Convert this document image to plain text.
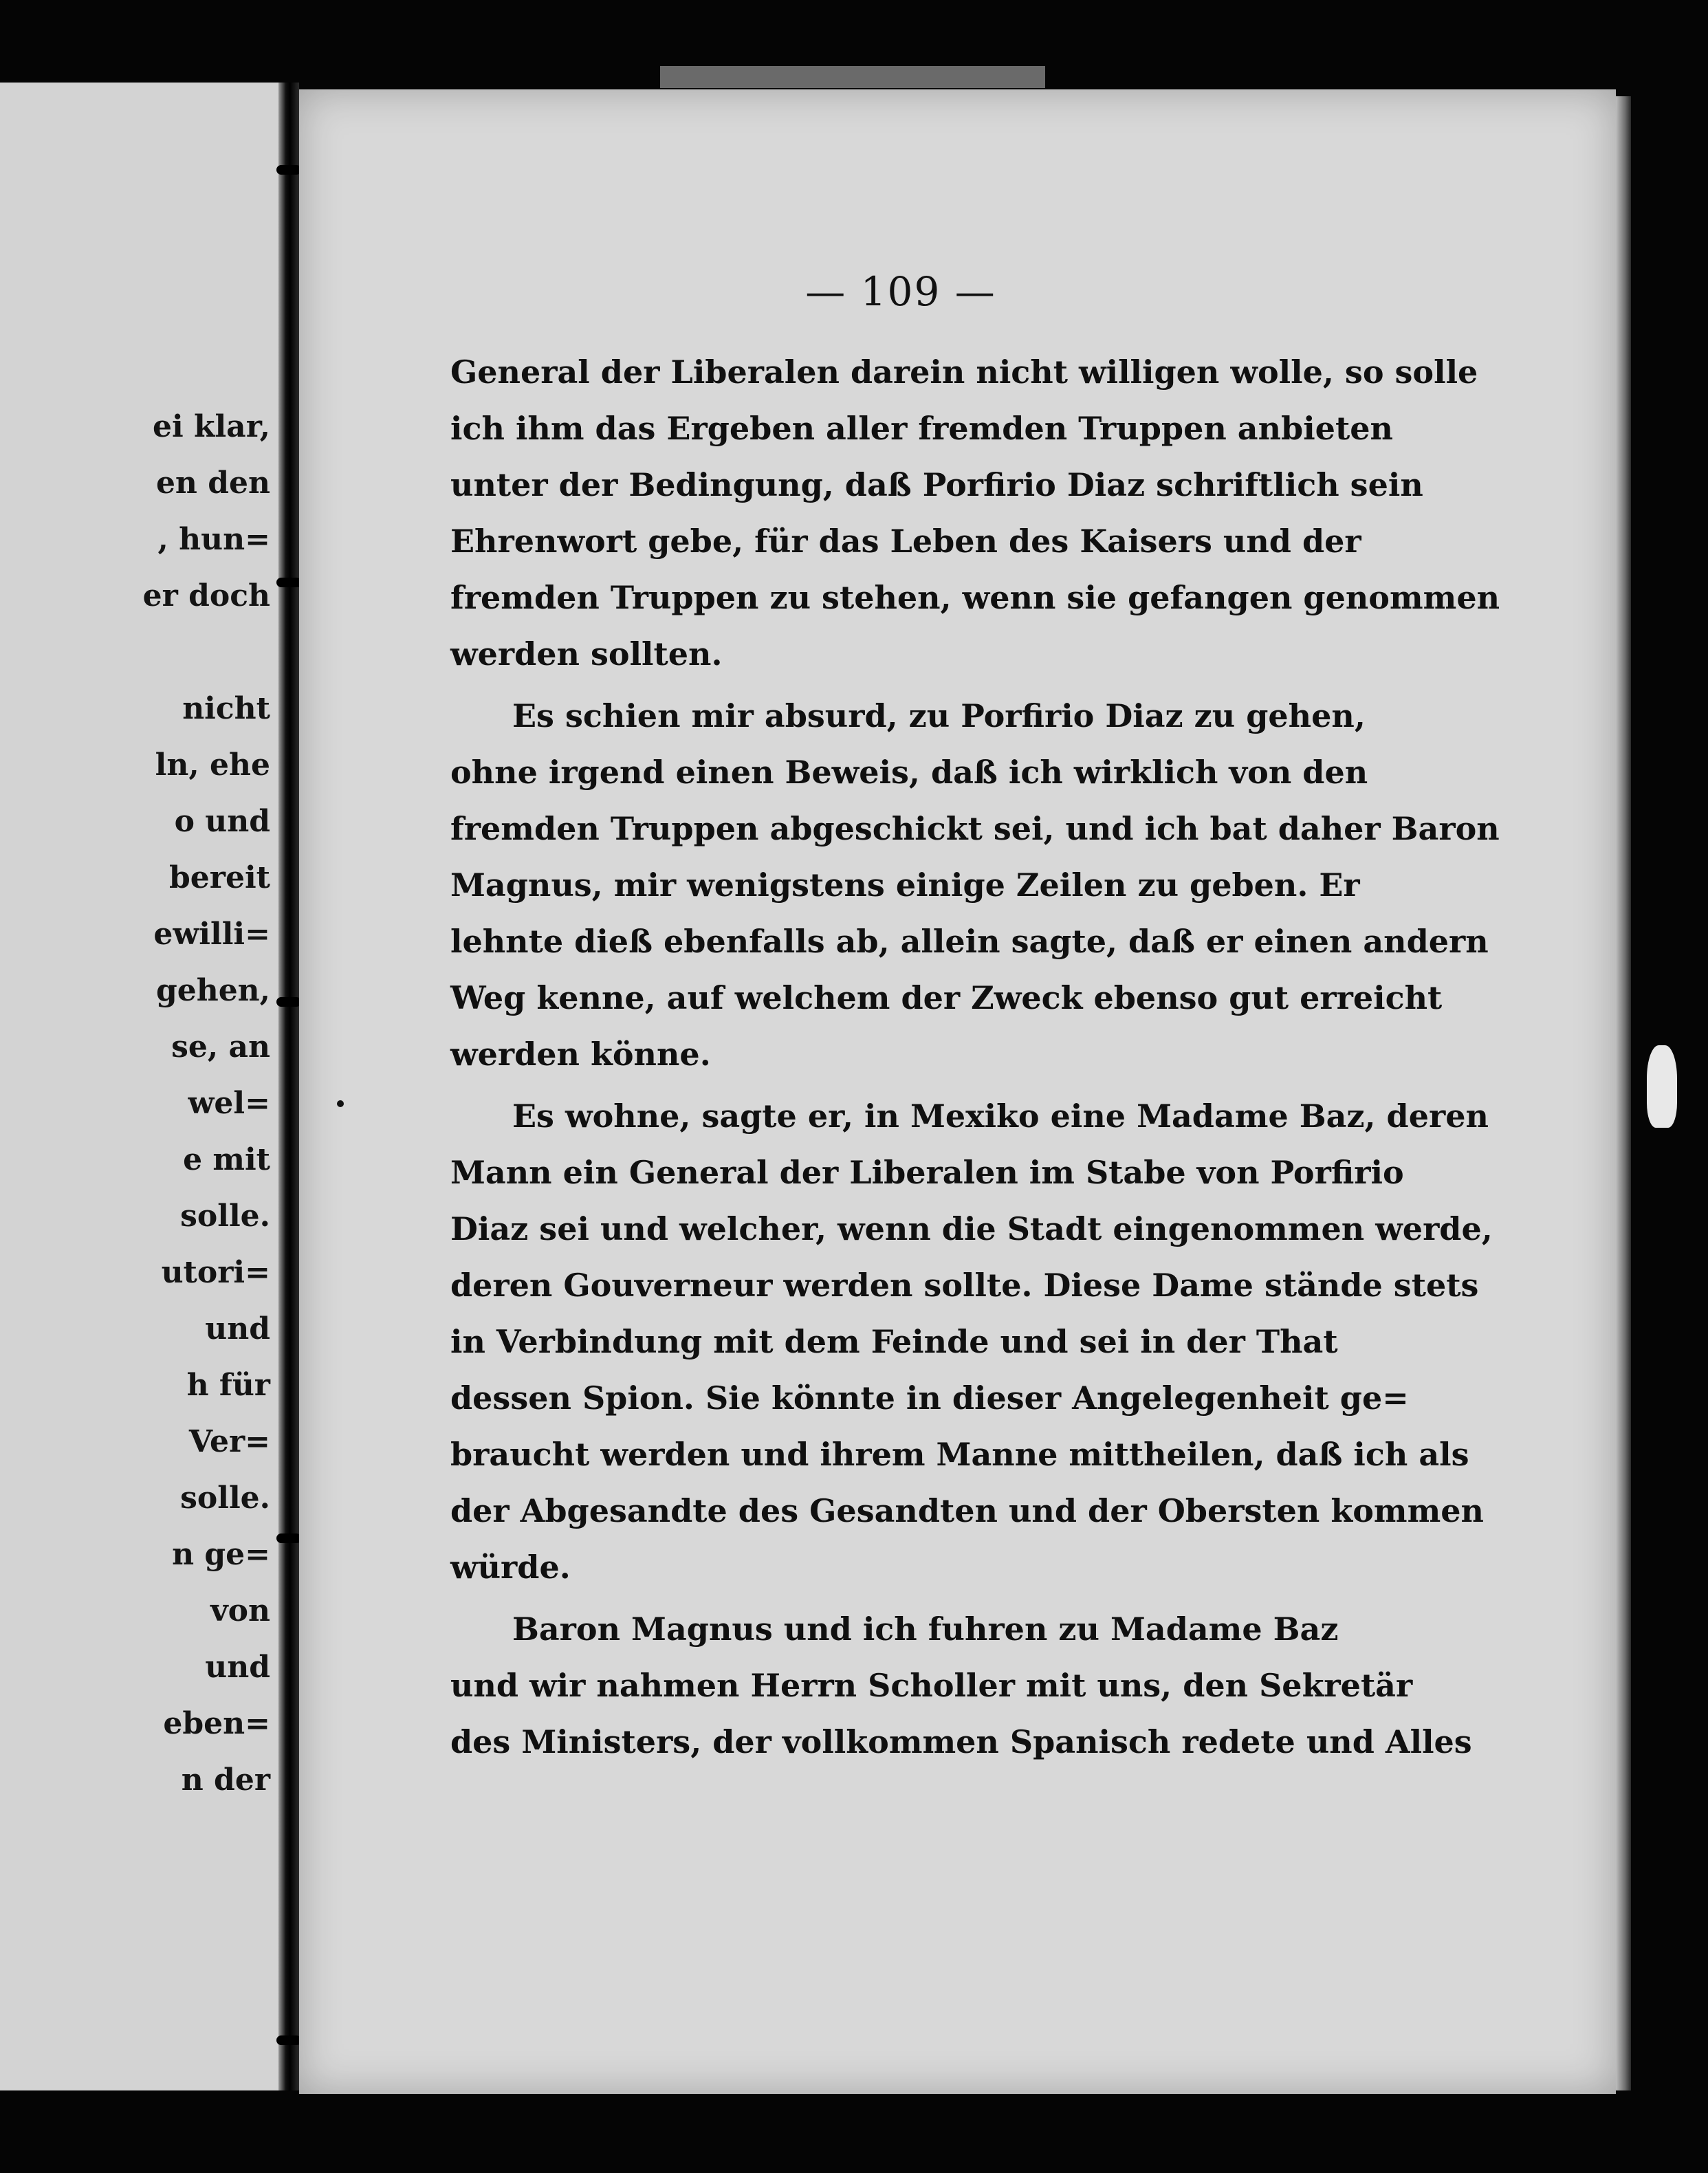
ei klar,
en den
, hun=
er doch
nicht
ln, ehe
o und
bereit
ewilli=
gehen,
se, an
wel=
e mit
solle.
utori=
und
h für
Ver=
solle.
n ge=
von
und
eben=
n der
— 109 —
General der Liberalen darein nicht willigen wolle, so solle
ich ihm das Ergeben aller fremden Truppen anbieten
unter der Bedingung, daß Porfirio Diaz schriftlich sein
Ehrenwort gebe, für das Leben des Kaisers und der
fremden Truppen zu stehen, wenn sie gefangen genommen
werden sollten.
Es schien mir absurd, zu Porfirio Diaz zu gehen,
ohne irgend einen Beweis, daß ich wirklich von den
fremden Truppen abgeschickt sei, und ich bat daher Baron
Magnus, mir wenigstens einige Zeilen zu geben. Er
lehnte dieß ebenfalls ab, allein sagte, daß er einen andern
Weg kenne, auf welchem der Zweck ebenso gut erreicht
werden könne.
Es wohne, sagte er, in Mexiko eine Madame Baz, deren
Mann ein General der Liberalen im Stabe von Porfirio
Diaz sei und welcher, wenn die Stadt eingenommen werde,
deren Gouverneur werden sollte. Diese Dame stände stets
in Verbindung mit dem Feinde und sei in der That
dessen Spion. Sie könnte in dieser Angelegenheit ge=
braucht werden und ihrem Manne mittheilen, daß ich als
der Abgesandte des Gesandten und der Obersten kommen
würde.
Baron Magnus und ich fuhren zu Madame Baz
und wir nahmen Herrn Scholler mit uns, den Sekretär
des Ministers, der vollkommen Spanisch redete und Alles
